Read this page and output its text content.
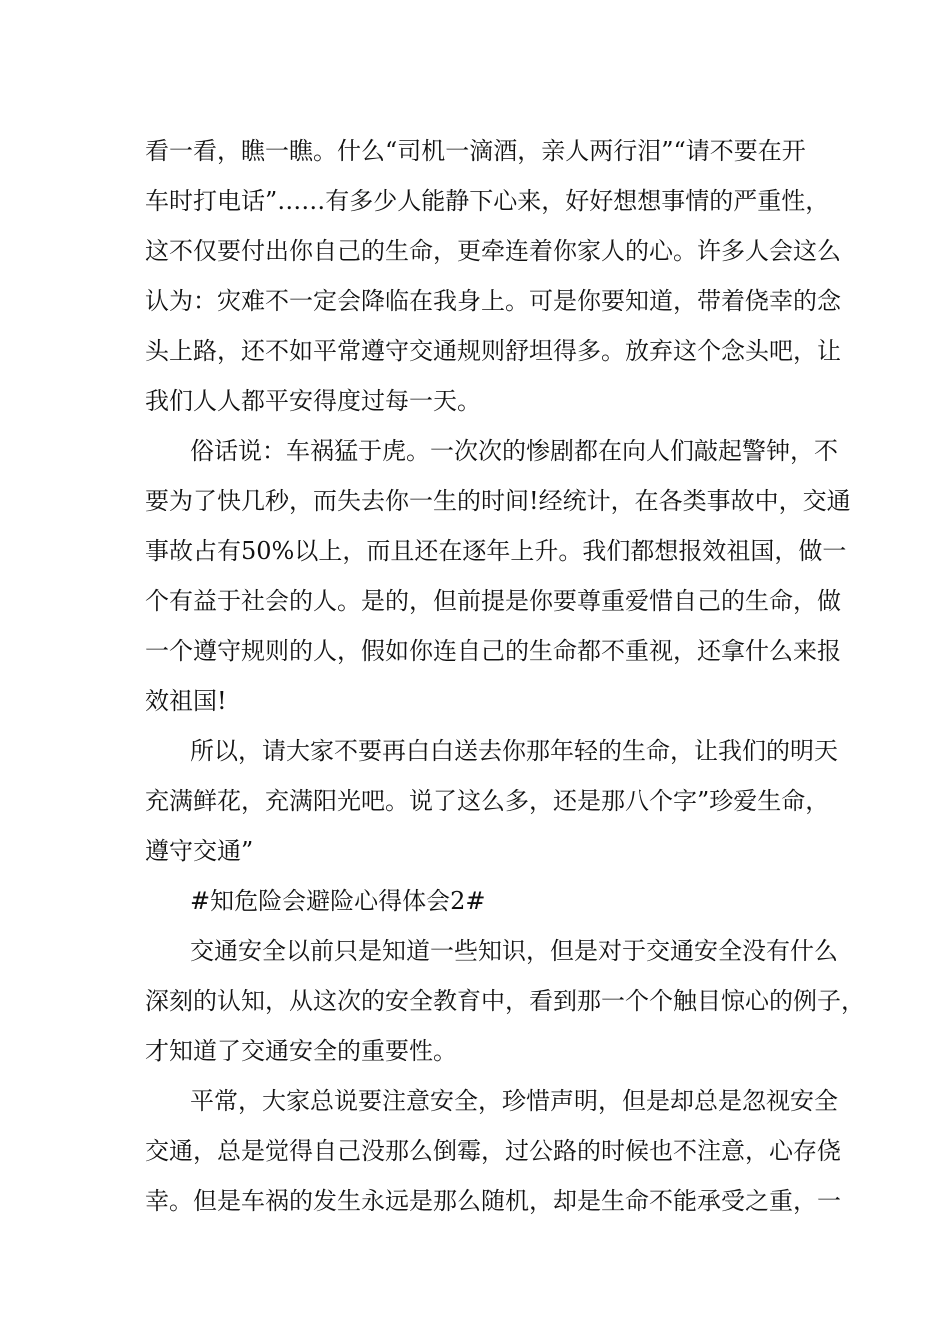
看一看，瞧一瞧。什么“司机一滴酒，亲人两行泪”“请不要在开
车时打电话”……有多少人能静下心来，好好想想事情的严重性，
这不仅要付出你自己的生命，更牵连着你家人的心。许多人会这么
认为：灾难不一定会降临在我身上。可是你要知道，带着侥幸的念
头上路，还不如平常遵守交通规则舒坦得多。放弃这个念头吧，让
我们人人都平安得度过每一天。
俗话说：车祸猛于虎。一次次的惨剧都在向人们敲起警钟，不
要为了快几秒，而失去你一生的时间!经统计，在各类事故中，交通
事故占有50%以上，而且还在逐年上升。我们都想报效祖国，做一
个有益于社会的人。是的，但前提是你要尊重爱惜自己的生命，做
一个遵守规则的人，假如你连自己的生命都不重视，还拿什么来报
效祖国!
所以，请大家不要再白白送去你那年轻的生命，让我们的明天
充满鲜花，充满阳光吧。说了这么多，还是那八个字”珍爱生命，
遵守交通”
#知危险会避险心得体会2#
交通安全以前只是知道一些知识，但是对于交通安全没有什么
深刻的认知，从这次的安全教育中，看到那一个个触目惊心的例子，
才知道了交通安全的重要性。
平常，大家总说要注意安全，珍惜声明，但是却总是忽视安全
交通，总是觉得自己没那么倒霉，过公路的时候也不注意，心存侥
幸。但是车祸的发生永远是那么随机，却是生命不能承受之重，一
